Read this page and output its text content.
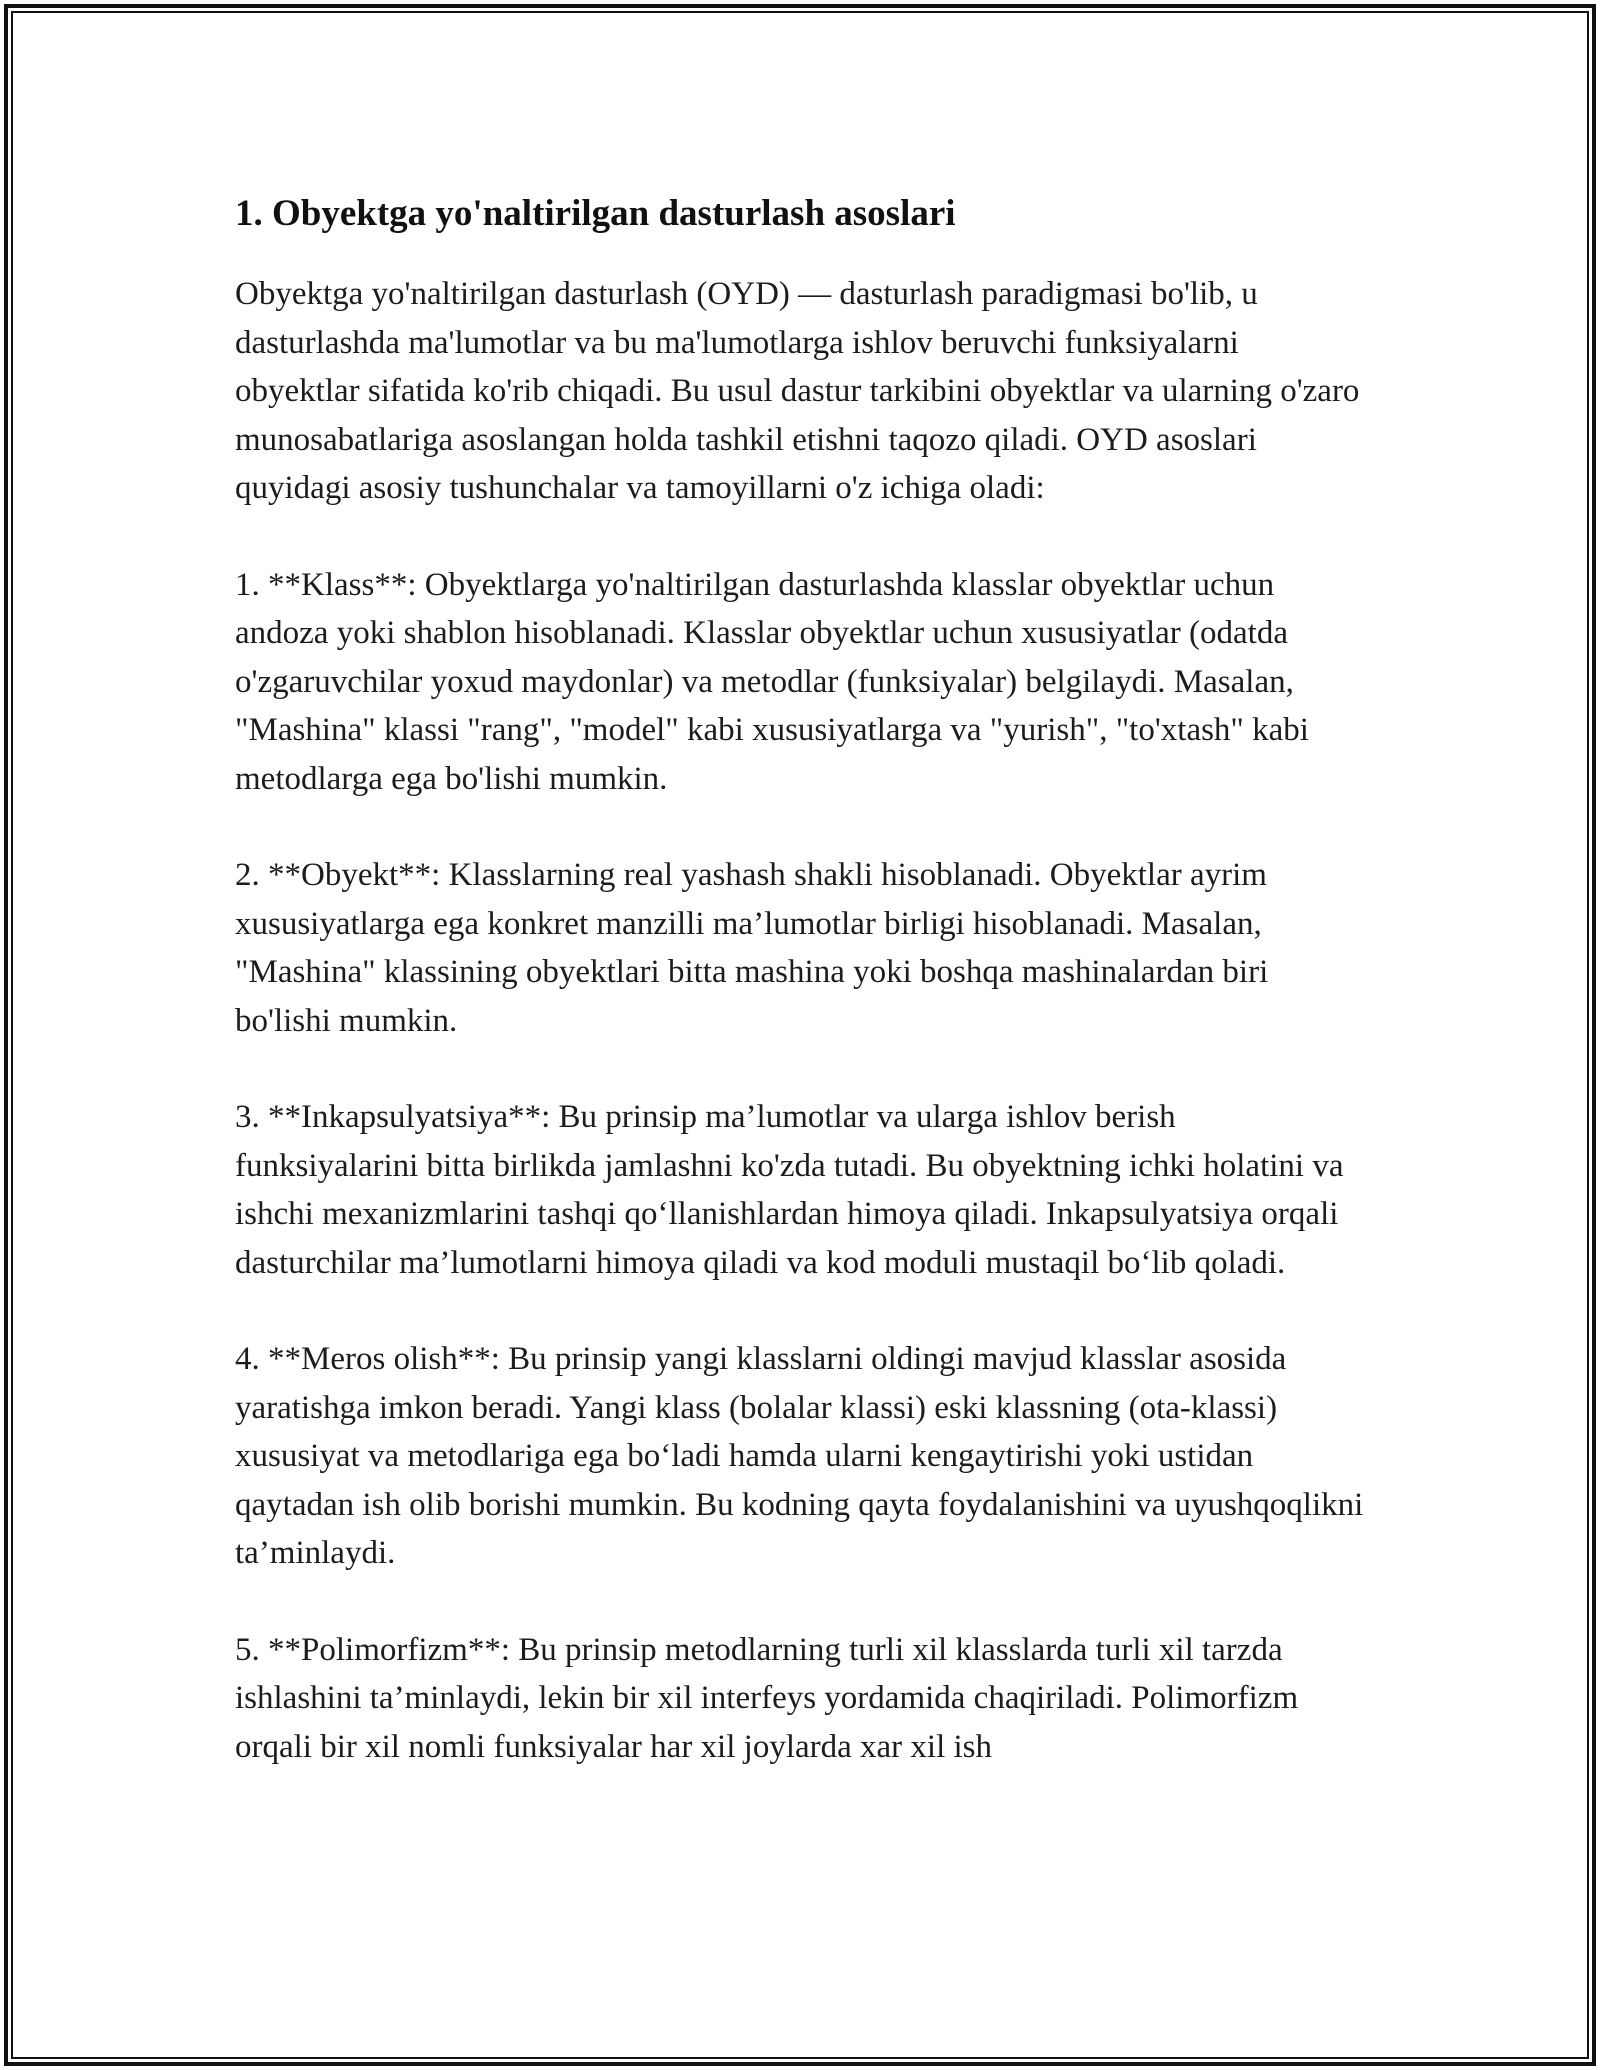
1. Obyektga yo'naltirilgan dasturlash asoslari

Obyektga yo'naltirilgan dasturlash (OYD) — dasturlash paradigmasi bo'lib, u dasturlashda ma'lumotlar va bu ma'lumotlarga ishlov beruvchi funksiyalarni obyektlar sifatida ko'rib chiqadi. Bu usul dastur tarkibini obyektlar va ularning o'zaro munosabatlariga asoslangan holda tashkil etishni taqozo qiladi. OYD asoslari quyidagi asosiy tushunchalar va tamoyillarni o'z ichiga oladi:

1. **Klass**: Obyektlarga yo'naltirilgan dasturlashda klasslar obyektlar uchun andoza yoki shablon hisoblanadi. Klasslar obyektlar uchun xususiyatlar (odatda o'zgaruvchilar yoxud maydonlar) va metodlar (funksiyalar) belgilaydi. Masalan, "Mashina" klassi "rang", "model" kabi xususiyatlarga va "yurish", "to'xtash" kabi metodlarga ega bo'lishi mumkin.

2. **Obyekt**: Klasslarning real yashash shakli hisoblanadi. Obyektlar ayrim xususiyatlarga ega konkret manzilli ma’lumotlar birligi hisoblanadi. Masalan, "Mashina" klassining obyektlari bitta mashina yoki boshqa mashinalardan biri bo'lishi mumkin.

3. **Inkapsulyatsiya**: Bu prinsip ma’lumotlar va ularga ishlov berish funksiyalarini bitta birlikda jamlashni ko'zda tutadi. Bu obyektning ichki holatini va ishchi mexanizmlarini tashqi qo‘llanishlardan himoya qiladi. Inkapsulyatsiya orqali dasturchilar ma’lumotlarni himoya qiladi va kod moduli mustaqil bo‘lib qoladi.

4. **Meros olish**: Bu prinsip yangi klasslarni oldingi mavjud klasslar asosida yaratishga imkon beradi. Yangi klass (bolalar klassi) eski klassning (ota-klassi) xususiyat va metodlariga ega bo‘ladi hamda ularni kengaytirishi yoki ustidan qaytadan ish olib borishi mumkin. Bu kodning qayta foydalanishini va uyushqoqlikni ta’minlaydi.

5. **Polimorfizm**: Bu prinsip metodlarning turli xil klasslarda turli xil tarzda ishlashini ta’minlaydi, lekin bir xil interfeys yordamida chaqiriladi. Polimorfizm orqali bir xil nomli funksiyalar har xil joylarda xar xil ish
